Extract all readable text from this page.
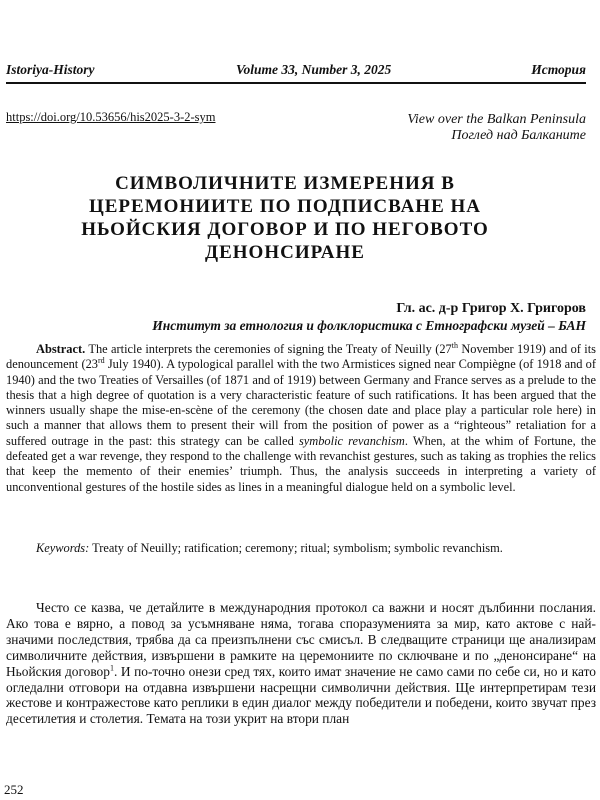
Istoriya-History	Volume 33, Number 3, 2025	История
https://doi.org/10.53656/his2025-3-2-sym	View over the Balkan Peninsula
Поглед над Балканите
СИМВОЛИЧНИТЕ ИЗМЕРЕНИЯ В ЦЕРЕМОНИИТЕ ПО ПОДПИСВАНЕ НА НЬОЙСКИЯ ДОГОВОР И ПО НЕГОВОТО ДЕНОНСИРАНЕ
Гл. ас. д-р Григор Х. Григоров
Институт за етнология и фолклористика с Етнографски музей – БАН

Abstract. The article interprets the ceremonies of signing the Treaty of Neuilly (27th November 1919) and of its denouncement (23rd July 1940). A typological parallel with the two Armistices signed near Compiègne (of 1918 and of 1940) and the two Treaties of Versailles (of 1871 and of 1919) between Germany and France serves as a prelude to the thesis that a high degree of quotation is a very characteristic feature of such ratifications. It has been argued that the winners usually shape the mise-en-scène of the ceremony (the chosen date and place play a particular role here) in such a manner that allows them to present their will from the position of power as a “righteous” retaliation for a suffered outrage in the past: this strategy can be called symbolic revanchism. When, at the whim of Fortune, the defeated get a war revenge, they respond to the challenge with revanchist gestures, such as taking as trophies the relics that keep the memento of their enemies’ triumph. Thus, the analysis succeeds in interpreting a variety of unconventional gestures of the hostile sides as lines in a meaningful dialogue held on a symbolic level.

Keywords: Treaty of Neuilly; ratification; ceremony; ritual; symbolism; symbolic revanchism.

Често се казва, че детайлите в международния протокол са важни и носят дълбинни послания. Ако това е вярно, а повод за усъмняване няма, тогава споразуменията за мир, като актове с най-значими последствия, трябва да са преизпълнени със смисъл. В следващите страници ще анализирам символичните действия, извършени в рамките на церемониите по сключване и по „денонсиране“ на Ньойския договор$^1$. И по-точно онези сред тях, които имат значение не само сами по себе си, но и като огледални отговори на отдавна извършени насрещни символични действия. Ще интерпретирам тези жестове и контражестове като реплики в един диалог между победители и победени, които звучат през десетилетия и столетия. Темата на този укрит на втори план

252
